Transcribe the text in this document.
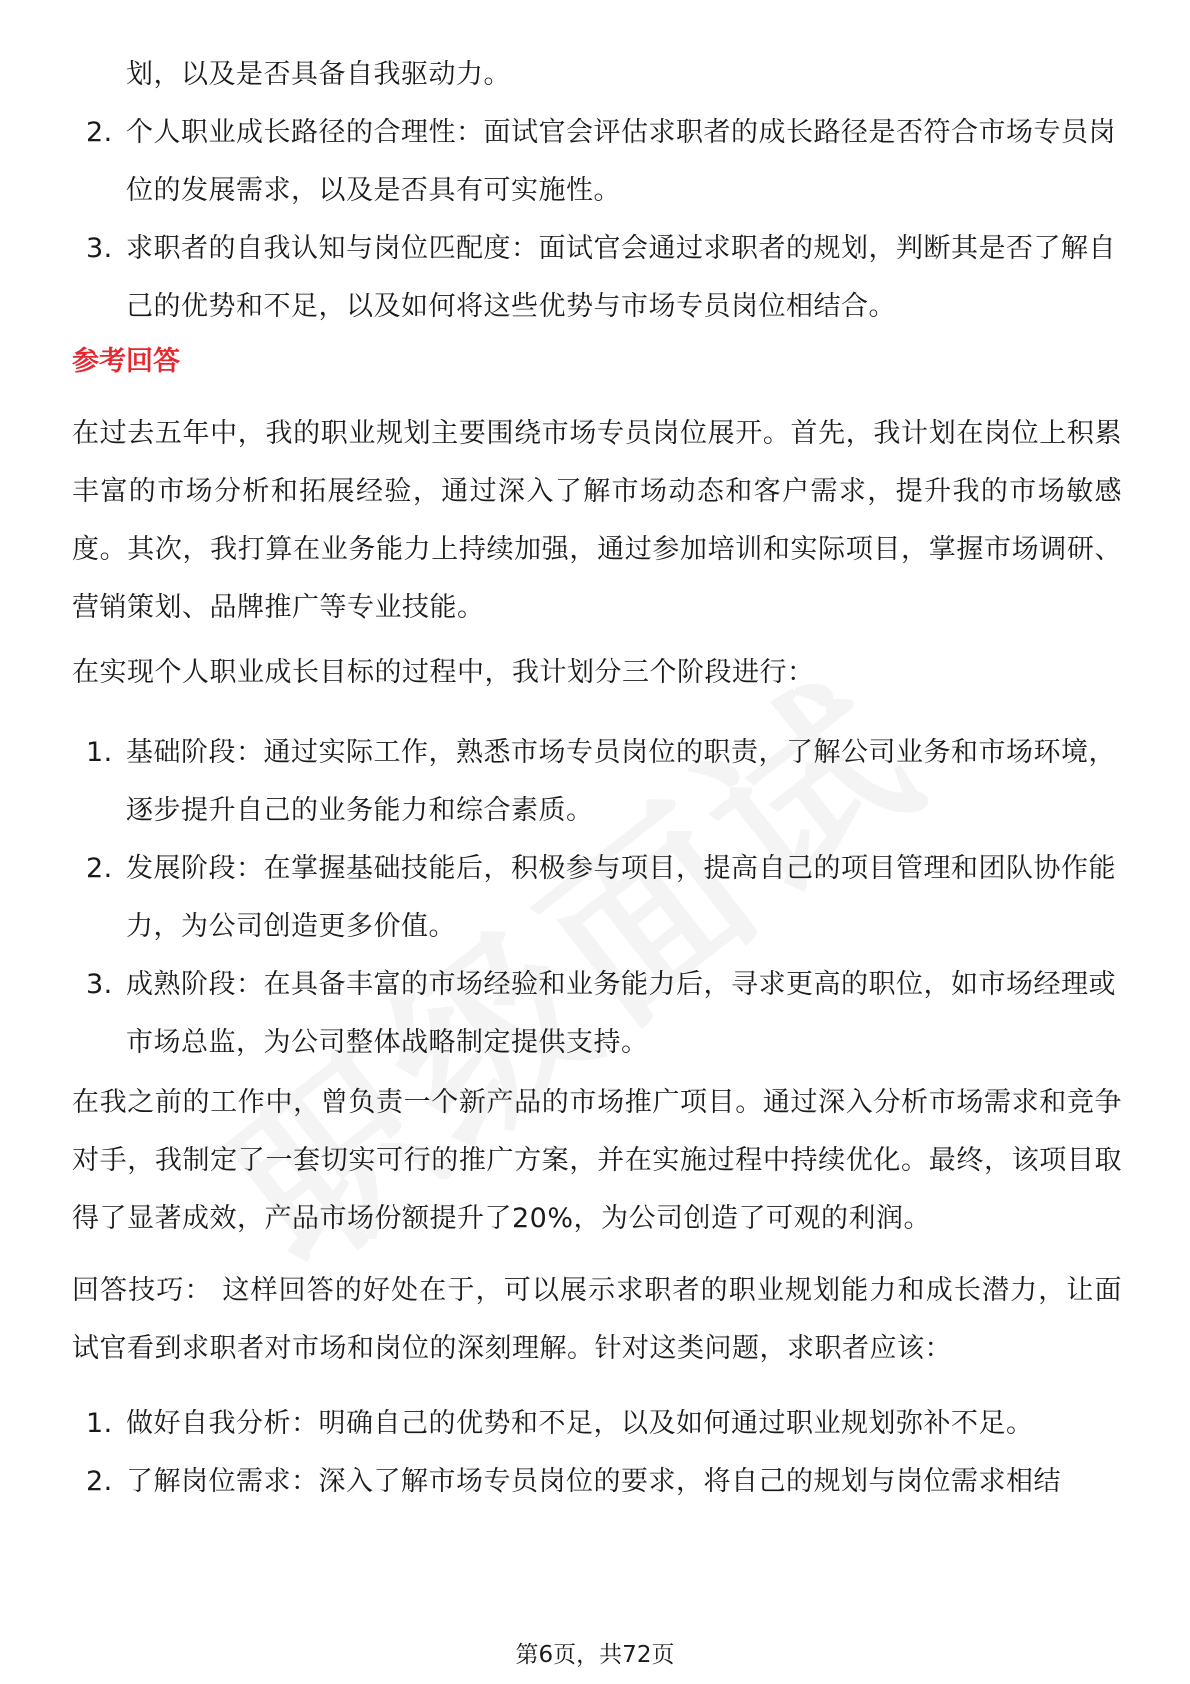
划，以及是否具备自我驱动力。
2. 个人职业成长路径的合理性：面试官会评估求职者的成长路径是否符合市场专员岗位的发展需求，以及是否具有可实施性。
3. 求职者的自我认知与岗位匹配度：面试官会通过求职者的规划，判断其是否了解自己的优势和不足，以及如何将这些优势与市场专员岗位相结合。

参考回答

在过去五年中，我的职业规划主要围绕市场专员岗位展开。首先，我计划在岗位上积累丰富的市场分析和拓展经验，通过深入了解市场动态和客户需求，提升我的市场敏感度。其次，我打算在业务能力上持续加强，通过参加培训和实际项目，掌握市场调研、营销策划、品牌推广等专业技能。

在实现个人职业成长目标的过程中，我计划分三个阶段进行：

1. 基础阶段：通过实际工作，熟悉市场专员岗位的职责，了解公司业务和市场环境，逐步提升自己的业务能力和综合素质。
2. 发展阶段：在掌握基础技能后，积极参与项目，提高自己的项目管理和团队协作能力，为公司创造更多价值。
3. 成熟阶段：在具备丰富的市场经验和业务能力后，寻求更高的职位，如市场经理或市场总监，为公司整体战略制定提供支持。

在我之前的工作中，曾负责一个新产品的市场推广项目。通过深入分析市场需求和竞争对手，我制定了一套切实可行的推广方案，并在实施过程中持续优化。最终，该项目取得了显著成效，产品市场份额提升了20%，为公司创造了可观的利润。

回答技巧： 这样回答的好处在于，可以展示求职者的职业规划能力和成长潜力，让面试官看到求职者对市场和岗位的深刻理解。针对这类问题，求职者应该：

1. 做好自我分析：明确自己的优势和不足，以及如何通过职业规划弥补不足。
2. 了解岗位需求：深入了解市场专员岗位的要求，将自己的规划与岗位需求相结
第6页，共72页
